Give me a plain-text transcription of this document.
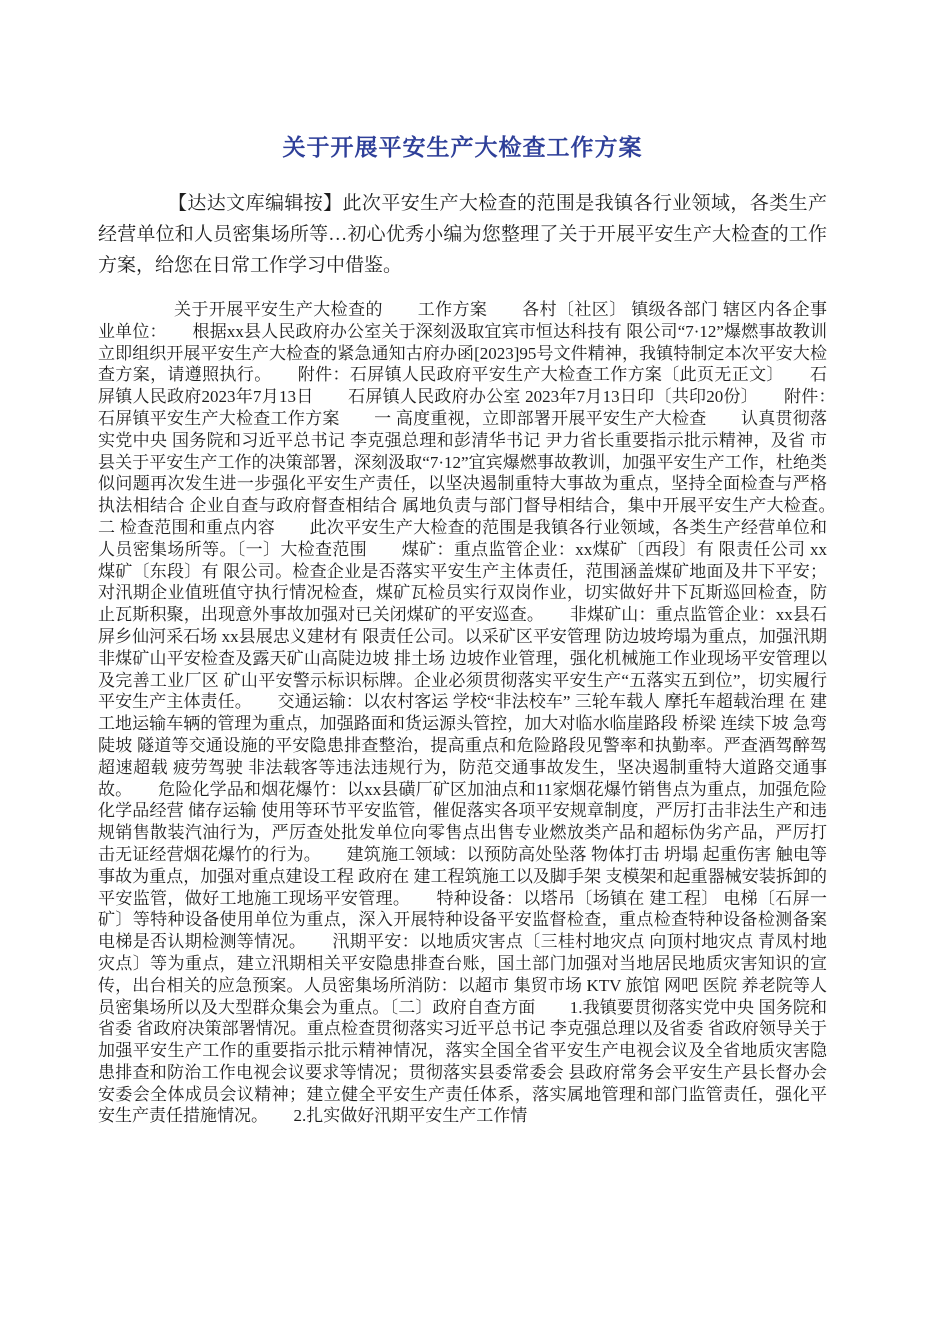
关于开展平安生产大检查工作方案

【达达文库编辑按】此次平安生产大检查的范围是我镇各行业领域，各类生产经营单位和人员密集场所等…初心优秀小编为您整理了关于开展平安生产大检查的工作方案，给您在日常工作学习中借鉴。

关于开展平安生产大检查的　　工作方案　　各村〔社区〕 镇级各部门 辖区内各企事业单位：　　根据xx县人民政府办公室关于深刻汲取宜宾市恒达科技有 限公司“7·12”爆燃事故教训立即组织开展平安生产大检查的紧急通知古府办函[2023]95号文件精神，我镇特制定本次平安大检查方案，请遵照执行。　　附件：石屏镇人民政府平安生产大检查工作方案〔此页无正文〕　　石屏镇人民政府2023年7月13日　　石屏镇人民政府办公室 2023年7月13日印〔共印20份〕　　附件：　　石屏镇平安生产大检查工作方案　　一 高度重视，立即部署开展平安生产大检查　　认真贯彻落实党中央 国务院和习近平总书记 李克强总理和彭清华书记 尹力省长重要指示批示精神，及省 市 县关于平安生产工作的决策部署，深刻汲取“7·12”宜宾爆燃事故教训，加强平安生产工作，杜绝类似问题再次发生进一步强化平安生产责任，以坚决遏制重特大事故为重点，坚持全面检查与严格执法相结合 企业自查与政府督查相结合 属地负责与部门督导相结合，集中开展平安生产大检查。　　二 检查范围和重点内容　　此次平安生产大检查的范围是我镇各行业领域，各类生产经营单位和人员密集场所等。〔一〕大检查范围　　煤矿：重点监管企业：xx煤矿〔西段〕有 限责任公司 xx煤矿〔东段〕有 限公司。检查企业是否落实平安生产主体责任，范围涵盖煤矿地面及井下平安；对汛期企业值班值守执行情况检查，煤矿瓦检员实行双岗作业，切实做好井下瓦斯巡回检查，防止瓦斯积聚，出现意外事故加强对已关闭煤矿的平安巡查。　　非煤矿山：重点监管企业：xx县石屏乡仙河采石场 xx县展忠义建材有 限责任公司。以采矿区平安管理 防边坡垮塌为重点，加强汛期非煤矿山平安检查及露天矿山高陡边坡 排土场 边坡作业管理，强化机械施工作业现场平安管理以及完善工业厂区 矿山平安警示标识标牌。企业必须贯彻落实平安生产“五落实五到位”，切实履行平安生产主体责任。　　交通运输：以农村客运 学校“非法校车” 三轮车载人 摩托车超载治理 在 建工地运输车辆的管理为重点，加强路面和货运源头管控，加大对临水临崖路段 桥梁 连续下坡 急弯陡坡 隧道等交通设施的平安隐患排查整治，提高重点和危险路段见警率和执勤率。严查酒驾醉驾 超速超载 疲劳驾驶 非法载客等违法违规行为，防范交通事故发生，坚决遏制重特大道路交通事故。　　危险化学品和烟花爆竹：以xx县磺厂矿区加油点和11家烟花爆竹销售点为重点，加强危险化学品经营 储存运输 使用等环节平安监管，催促落实各项平安规章制度，严厉打击非法生产和违规销售散装汽油行为，严厉查处批发单位向零售点出售专业燃放类产品和超标伪劣产品，严厉打击无证经营烟花爆竹的行为。　　建筑施工领域：以预防高处坠落 物体打击 坍塌 起重伤害 触电等事故为重点，加强对重点建设工程 政府在 建工程筑施工以及脚手架 支模架和起重器械安装拆卸的平安监管，做好工地施工现场平安管理。　　特种设备：以塔吊〔场镇在 建工程〕 电梯〔石屏一矿〕等特种设备使用单位为重点，深入开展特种设备平安监督检查，重点检查特种设备检测备案 电梯是否认期检测等情况。　　汛期平安：以地质灾害点〔三桂村地灾点 向顶村地灾点 青凤村地灾点〕等为重点，建立汛期相关平安隐患排查台账，国土部门加强对当地居民地质灾害知识的宣传，出台相关的应急预案。人员密集场所消防：以超市 集贸市场 KTV 旅馆 网吧 医院 养老院等人员密集场所以及大型群众集会为重点。〔二〕政府自查方面　　1.我镇要贯彻落实党中央 国务院和省委 省政府决策部署情况。重点检查贯彻落实习近平总书记 李克强总理以及省委 省政府领导关于加强平安生产工作的重要指示批示精神情况，落实全国全省平安生产电视会议及全省地质灾害隐患排查和防治工作电视会议要求等情况；贯彻落实县委常委会 县政府常务会平安生产县长督办会 安委会全体成员会议精神；建立健全平安生产责任体系，落实属地管理和部门监管责任，强化平安生产责任措施情况。　　2.扎实做好汛期平安生产工作情
